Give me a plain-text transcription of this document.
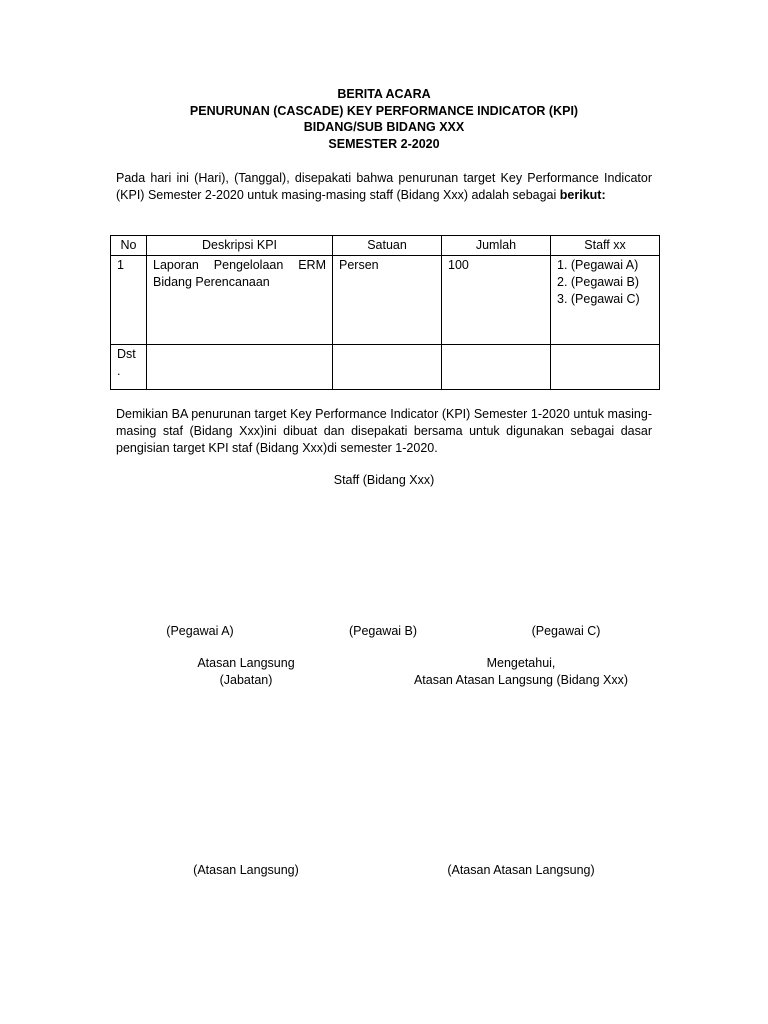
BERITA ACARA
PENURUNAN (CASCADE) KEY PERFORMANCE INDICATOR (KPI)
BIDANG/SUB BIDANG XXX
SEMESTER 2-2020
Pada hari ini (Hari), (Tanggal), disepakati bahwa penurunan target Key Performance Indicator (KPI) Semester 2-2020 untuk masing-masing staff (Bidang Xxx) adalah sebagai berikut:
No	Deskripsi KPI	Satuan	Jumlah	Staff xx
1	Laporan Pengelolaan ERM Bidang Perencanaan	Persen	100	1. (Pegawai A)
2. (Pegawai B)
3. (Pegawai C)

Dst .				
Demikian BA penurunan target Key Performance Indicator (KPI) Semester 1-2020 untuk masing-masing staf (Bidang Xxx)ini dibuat dan disepakati bersama untuk digunakan sebagai dasar pengisian target KPI staf (Bidang Xxx)di semester 1-2020.
Staff (Bidang Xxx)
(Pegawai A)	(Pegawai B)	(Pegawai C)
Atasan Langsung
(Jabatan)
Mengetahui,
Atasan Atasan Langsung (Bidang Xxx)
(Atasan Langsung)	(Atasan Atasan Langsung)
